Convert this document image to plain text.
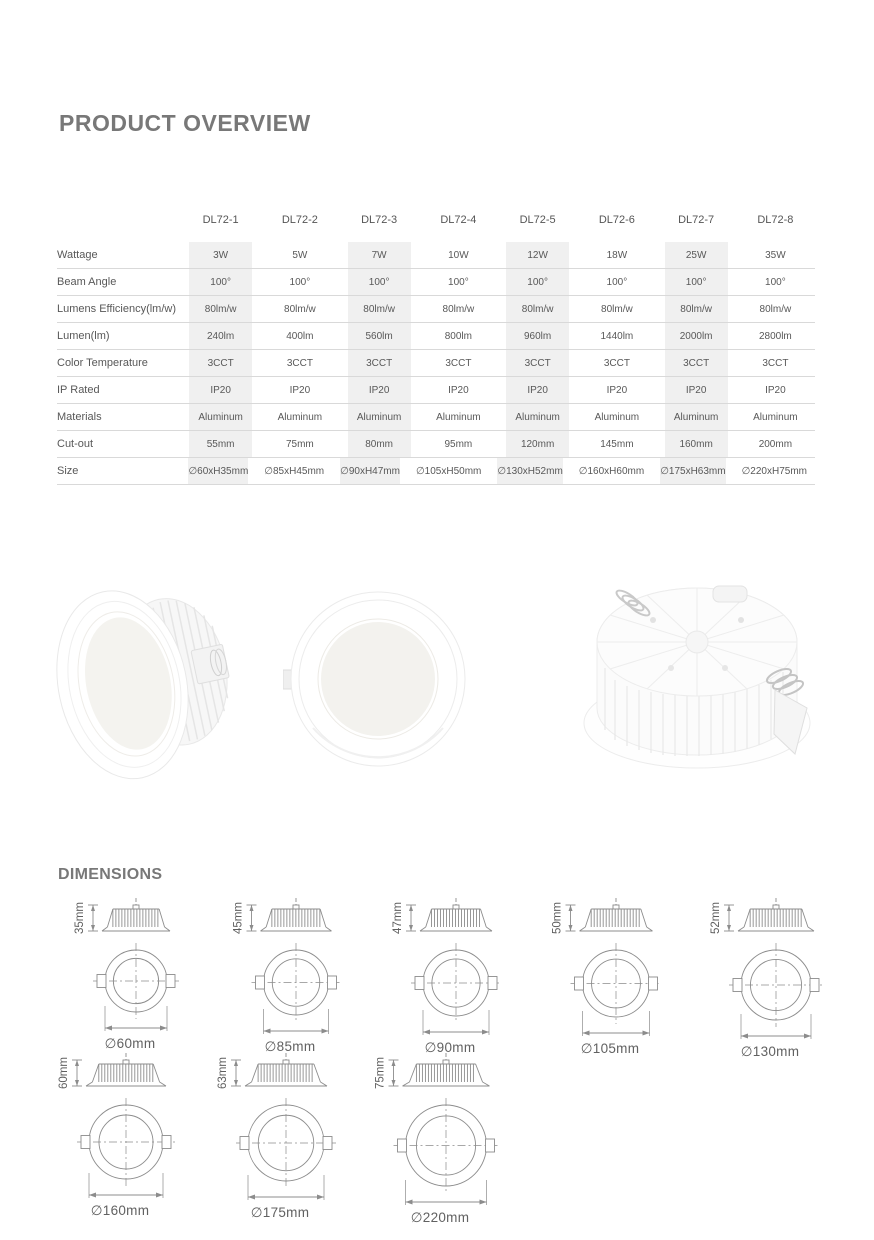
PRODUCT OVERVIEW
DL72-1	DL72-2	DL72-3	DL72-4	DL72-5	DL72-6	DL72-7	DL72-8
Wattage	3W	5W	7W	10W	12W	18W	25W	35W
Beam Angle	100°	100°	100°	100°	100°	100°	100°	100°
Lumens Efficiency(lm/w)	80lm/w	80lm/w	80lm/w	80lm/w	80lm/w	80lm/w	80lm/w	80lm/w
Lumen(lm)	240lm	400lm	560lm	800lm	960lm	1440lm	2000lm	2800lm
Color Temperature	3CCT	3CCT	3CCT	3CCT	3CCT	3CCT	3CCT	3CCT
IP Rated	IP20	IP20	IP20	IP20	IP20	IP20	IP20	IP20
Materials	Aluminum	Aluminum	Aluminum	Aluminum	Aluminum	Aluminum	Aluminum	Aluminum
Cut-out	55mm	75mm	80mm	95mm	120mm	145mm	160mm	200mm
Size	∅60xH35mm	∅85xH45mm	∅90xH47mm	∅105xH50mm	∅130xH52mm	∅160xH60mm	∅175xH63mm	∅220xH75mm
DIMENSIONS
35mm
∅60mm
45mm
∅85mm
47mm
∅90mm
50mm
∅105mm
52mm
∅130mm
60mm
∅160mm
63mm
∅175mm
75mm
∅220mm
